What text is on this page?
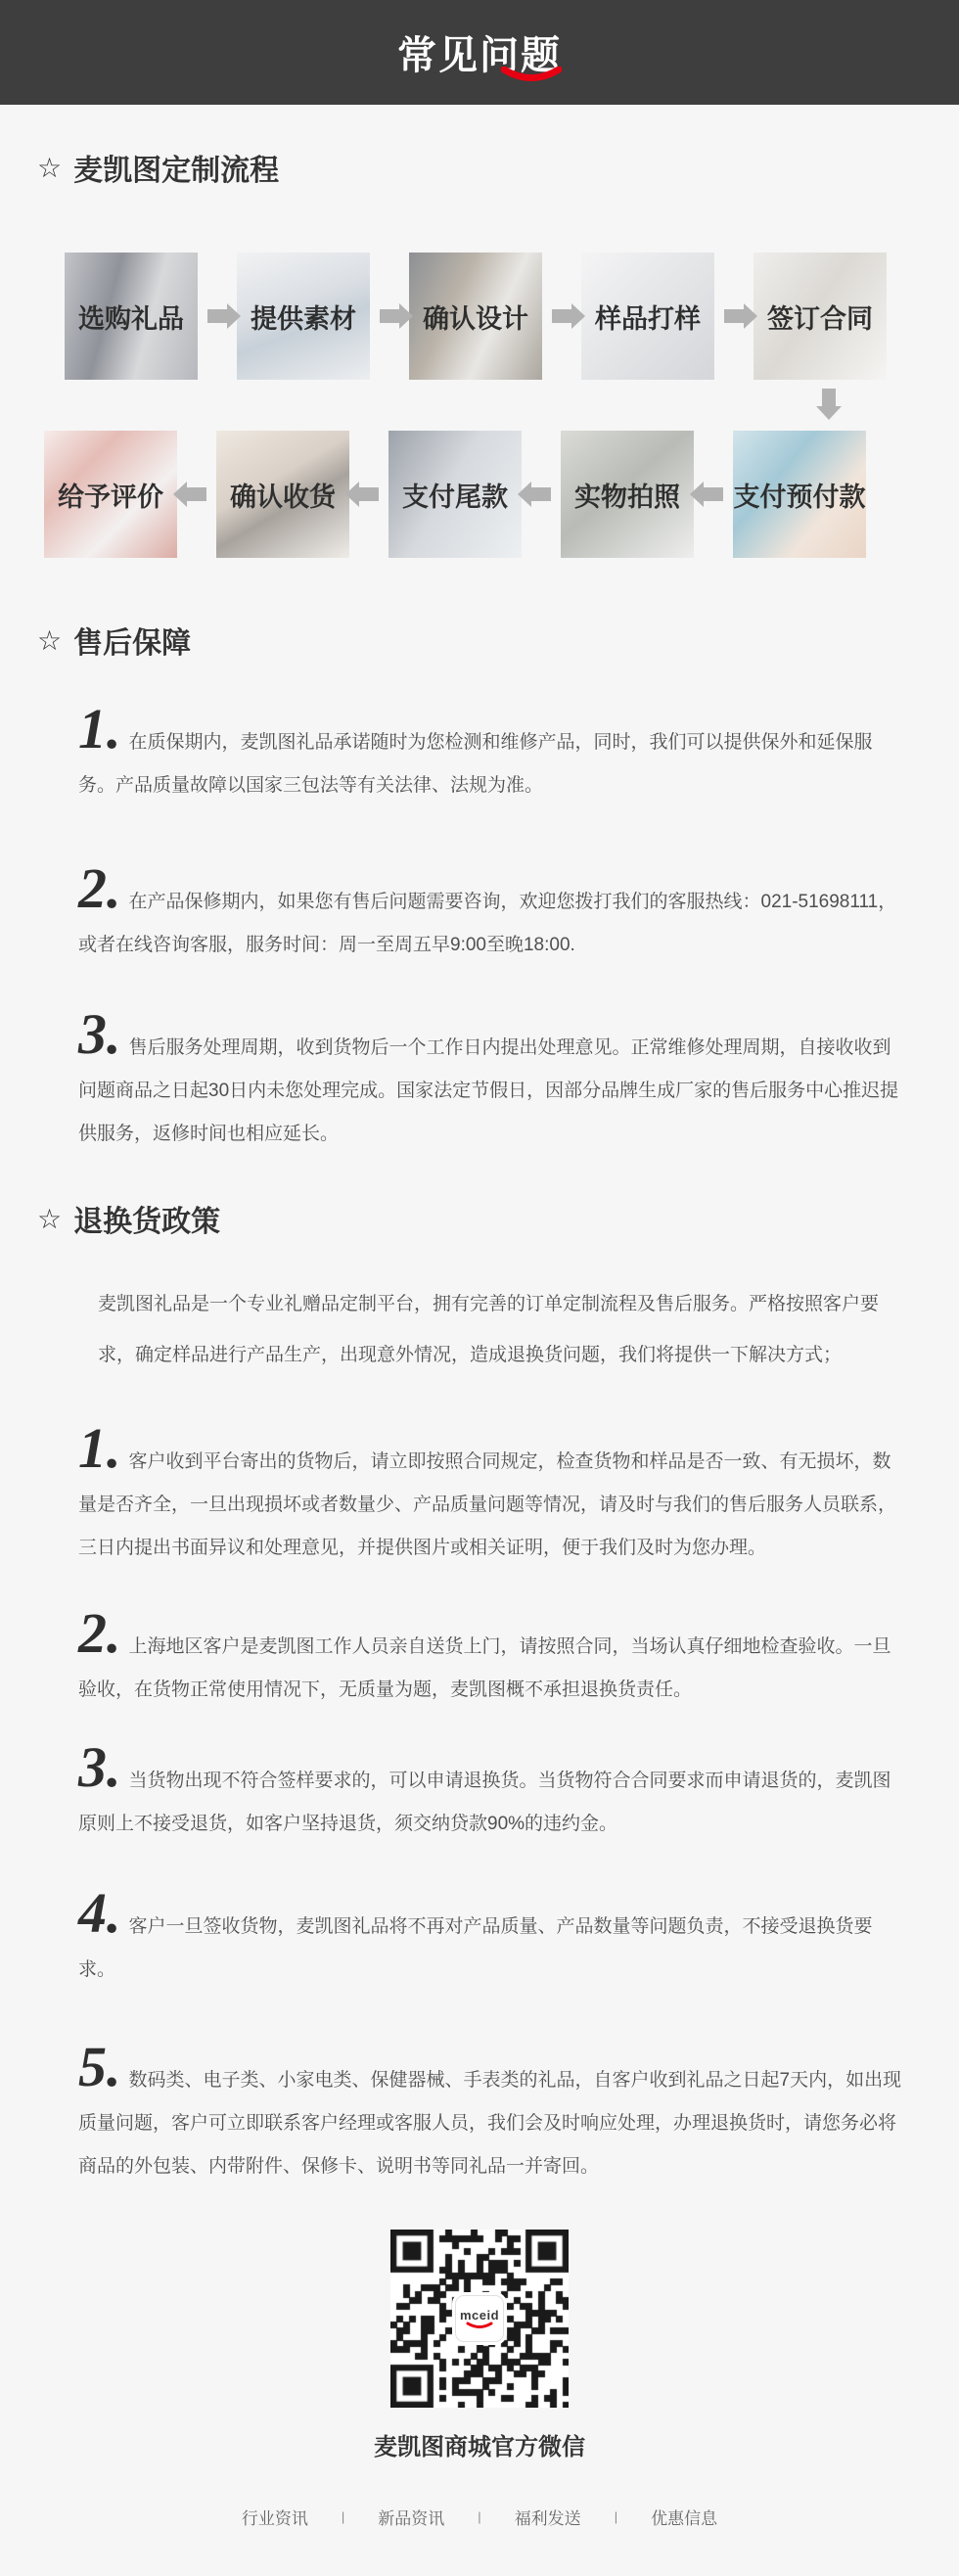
常见问题
☆ 麦凯图定制流程
选购礼品	提供素材	确认设计	样品打样	签订合同
给予评价	确认收货	支付尾款	实物拍照 支付预付款
☆ 售后保障
1. 在质保期内，麦凯图礼品承诺随时为您检测和维修产品，同时，我们可以提供保外和延保服务。产品质量故障以国家三包法等有关法律、法规为准。
2. 在产品保修期内，如果您有售后问题需要咨询，欢迎您拨打我们的客服热线：021-51698111，或者在线咨询客服，服务时间：周一至周五早9:00至晚18:00.
3. 售后服务处理周期，收到货物后一个工作日内提出处理意见。正常维修处理周期，自接收收到问题商品之日起30日内未您处理完成。国家法定节假日，因部分品牌生成厂家的售后服务中心推迟提供服务，返修时间也相应延长。
☆ 退换货政策
麦凯图礼品是一个专业礼赠品定制平台，拥有完善的订单定制流程及售后服务。严格按照客户要求，确定样品进行产品生产，出现意外情况，造成退换货问题，我们将提供一下解决方式；
1. 客户收到平台寄出的货物后，请立即按照合同规定，检查货物和样品是否一致、有无损坏，数量是否齐全，一旦出现损坏或者数量少、产品质量问题等情况，请及时与我们的售后服务人员联系，三日内提出书面异议和处理意见，并提供图片或相关证明，便于我们及时为您办理。
2. 上海地区客户是麦凯图工作人员亲自送货上门，请按照合同，当场认真仔细地检查验收。一旦验收，在货物正常使用情况下，无质量为题，麦凯图概不承担退换货责任。
3. 当货物出现不符合签样要求的，可以申请退换货。当货物符合合同要求而申请退货的，麦凯图原则上不接受退货，如客户坚持退货，须交纳贷款90%的违约金。
4. 客户一旦签收货物，麦凯图礼品将不再对产品质量、产品数量等问题负责，不接受退换货要求。
5. 数码类、电子类、小家电类、保健器械、手表类的礼品，自客户收到礼品之日起7天内，如出现质量问题，客户可立即联系客户经理或客服人员，我们会及时响应处理，办理退换货时，请您务必将商品的外包装、内带附件、保修卡、说明书等同礼品一并寄回。
mceid
麦凯图商城官方微信
行业资讯	| 新品资讯	| 福利发送	| 优惠信息
